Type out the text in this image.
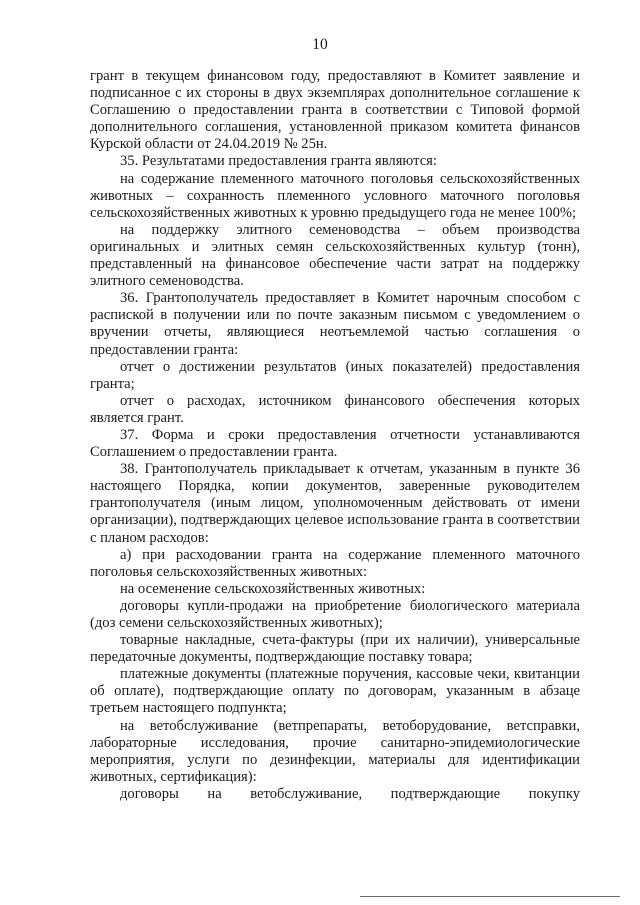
10

грант в текущем финансовом году, предоставляют в Комитет заявление и подписанное с их стороны в двух экземплярах дополнительное соглашение к Соглашению о предоставлении гранта в соответствии с Типовой формой дополнительного соглашения, установленной приказом комитета финансов Курской области от 24.04.2019 № 25н.

35. Результатами предоставления гранта являются:

на содержание племенного маточного поголовья сельскохозяйственных животных – сохранность племенного условного маточного поголовья сельскохозяйственных животных к уровню предыдущего года не менее 100%;

на поддержку элитного семеноводства – объем производства оригинальных и элитных семян сельскохозяйственных культур (тонн), представленный на финансовое обеспечение части затрат на поддержку элитного семеноводства.

36. Грантополучатель предоставляет в Комитет нарочным способом с распиской в получении или по почте заказным письмом с уведомлением о вручении отчеты, являющиеся неотъемлемой частью соглашения о предоставлении гранта:

отчет о достижении результатов (иных показателей) предоставления гранта;

отчет о расходах, источником финансового обеспечения которых является грант.

37. Форма и сроки предоставления отчетности устанавливаются Соглашением о предоставлении гранта.

38. Грантополучатель прикладывает к отчетам, указанным в пункте 36 настоящего Порядка, копии документов, заверенные руководителем грантополучателя (иным лицом, уполномоченным действовать от имени организации), подтверждающих целевое использование гранта в соответствии с планом расходов:

а) при расходовании гранта на содержание племенного маточного поголовья сельскохозяйственных животных:

на осеменение сельскохозяйственных животных:

договоры купли-продажи на приобретение биологического материала (доз семени сельскохозяйственных животных);

товарные накладные, счета-фактуры (при их наличии), универсальные передаточные документы, подтверждающие поставку товара;

платежные документы (платежные поручения, кассовые чеки, квитанции об оплате), подтверждающие оплату по договорам, указанным в абзаце третьем настоящего подпункта;

на ветобслуживание (ветпрепараты, ветоборудование, ветсправки, лабораторные исследования, прочие санитарно-эпидемиологические мероприятия, услуги по дезинфекции, материалы для идентификации животных, сертификация):

договоры на ветобслуживание, подтверждающие покупку
